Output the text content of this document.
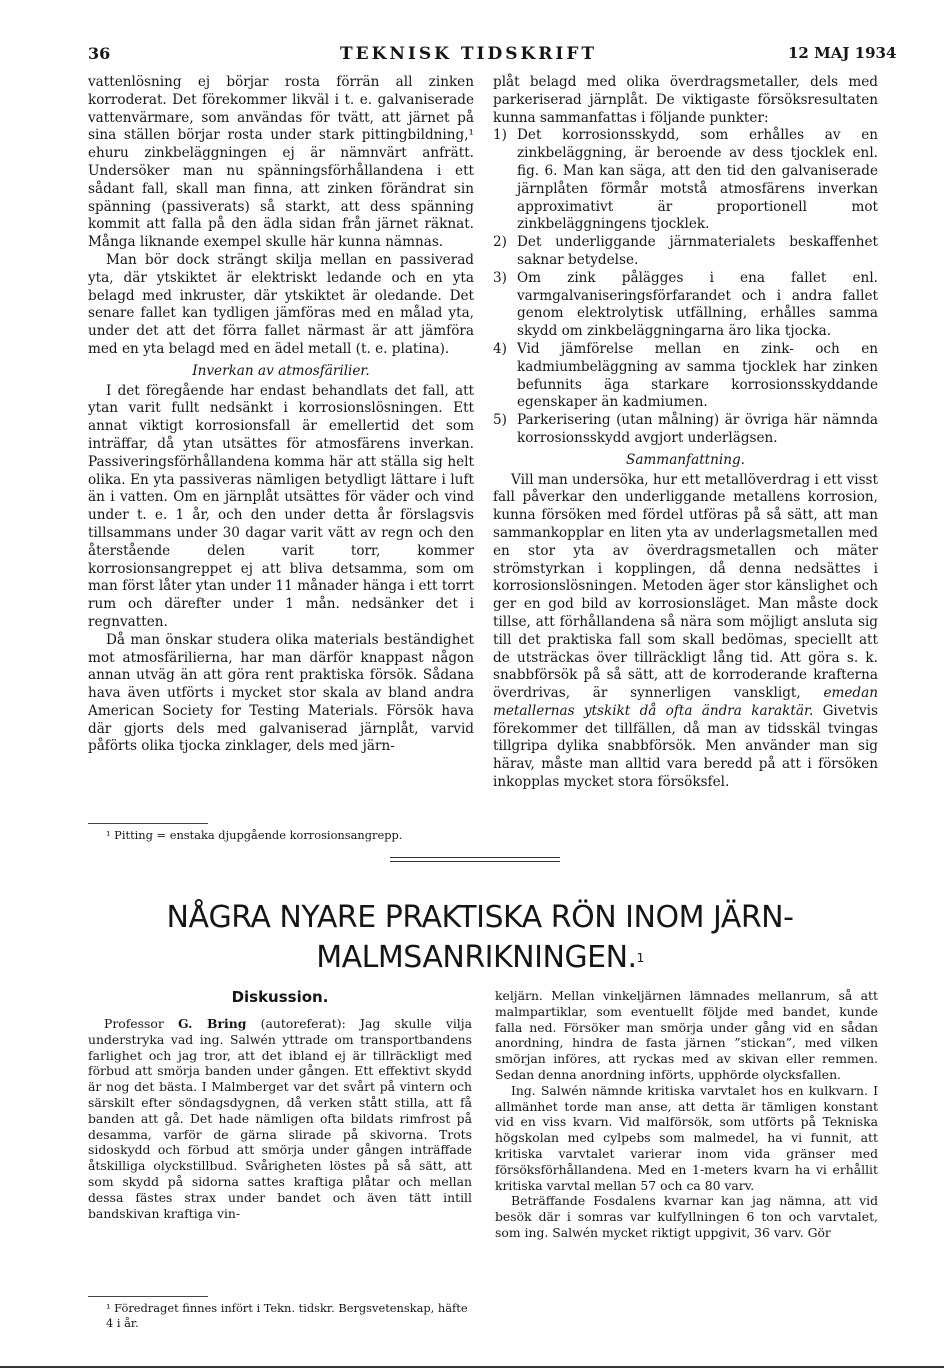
36	TEKNISK TIDSKRIFT	12 MAJ 1934

vattenlösning ej börjar rosta förrän all zinken korroderat. Det förekommer likväl i t. e. galvaniserade vattenvärmare, som användas för tvätt, att järnet på sina ställen börjar rosta under stark pittingbildning,¹ ehuru zinkbeläggningen ej är nämnvärt anfrätt. Undersöker man nu spänningsförhållandena i ett sådant fall, skall man finna, att zinken förändrat sin spänning (passiverats) så starkt, att dess spänning kommit att falla på den ädla sidan från järnet räknat. Många liknande exempel skulle här kunna nämnas.

Man bör dock strängt skilja mellan en passiverad yta, där ytskiktet är elektriskt ledande och en yta belagd med inkruster, där ytskiktet är oledande. Det senare fallet kan tydligen jämföras med en målad yta, under det att det förra fallet närmast är att jämföra med en yta belagd med en ädel metall (t. e. platina).

Inverkan av atmosfärilier.

I det föregående har endast behandlats det fall, att ytan varit fullt nedsänkt i korrosionslösningen. Ett annat viktigt korrosionsfall är emellertid det som inträffar, då ytan utsättes för atmosfärens inverkan. Passiveringsförhållandena komma här att ställa sig helt olika. En yta passiveras nämligen betydligt lättare i luft än i vatten. Om en järnplåt utsättes för väder och vind under t. e. 1 år, och den under detta år förslagsvis tillsammans under 30 dagar varit vätt av regn och den återstående delen varit torr, kommer korrosionsangreppet ej att bliva detsamma, som om man först låter ytan under 11 månader hänga i ett torrt rum och därefter under 1 mån. nedsänker det i regnvatten.

Då man önskar studera olika materials beständighet mot atmosfärilierna, har man därför knappast någon annan utväg än att göra rent praktiska försök. Sådana hava även utförts i mycket stor skala av bland andra American Society for Testing Materials. Försök hava där gjorts dels med galvaniserad järnplåt, varvid påförts olika tjocka zinklager, dels med järn-

¹ Pitting = enstaka djupgående korrosionsangrepp.

plåt belagd med olika överdragsmetaller, dels med parkeriserad järnplåt. De viktigaste försöksresultaten kunna sammanfattas i följande punkter:

1) Det korrosionsskydd, som erhålles av en zinkbeläggning, är beroende av dess tjocklek enl. fig. 6. Man kan säga, att den tid den galvaniserade järnplåten förmår motstå atmosfärens inverkan approximativt är proportionell mot zinkbeläggningens tjocklek.
2) Det underliggande järnmaterialets beskaffenhet saknar betydelse.
3) Om zink pålägges i ena fallet enl. varmgalvaniseringsförfarandet och i andra fallet genom elektrolytisk utfällning, erhålles samma skydd om zinkbeläggningarna äro lika tjocka.
4) Vid jämförelse mellan en zink- och en kadmiumbeläggning av samma tjocklek har zinken befunnits äga starkare korrosionsskyddande egenskaper än kadmiumen.
5) Parkerisering (utan målning) är övriga här nämnda korrosionsskydd avgjort underlägsen.

Sammanfattning.

Vill man undersöka, hur ett metallöverdrag i ett visst fall påverkar den underliggande metallens korrosion, kunna försöken med fördel utföras på så sätt, att man sammankopplar en liten yta av underlagsmetallen med en stor yta av överdragsmetallen och mäter strömstyrkan i kopplingen, då denna nedsättes i korrosionslösningen. Metoden äger stor känslighet och ger en god bild av korrosionsläget. Man måste dock tillse, att förhållandena så nära som möjligt ansluta sig till det praktiska fall som skall bedömas, speciellt att de utsträckas över tillräckligt lång tid. Att göra s. k. snabbförsök på så sätt, att de korroderande krafterna överdrivas, är synnerligen vanskligt, emedan metallernas ytskikt då ofta ändra karaktär. Givetvis förekommer det tillfällen, då man av tidsskäl tvingas tillgripa dylika snabbförsök. Men använder man sig härav, måste man alltid vara beredd på att i försöken inkopplas mycket stora försöksfel.

NÅGRA NYARE PRAKTISKA RÖN INOM JÄRN-
MALMSANRIKNINGEN.$^1$
Diskussion.

Professor G. Bring (autoreferat): Jag skulle vilja understryka vad ing. Salwén yttrade om transportbandens farlighet och jag tror, att det ibland ej är tillräckligt med förbud att smörja banden under gången. Ett effektivt skydd är nog det bästa. I Malmberget var det svårt på vintern och särskilt efter söndagsdygnen, då verken stått stilla, att få banden att gå. Det hade nämligen ofta bildats rimfrost på desamma, varför de gärna slirade på skivorna. Trots sidoskydd och förbud att smörja under gången inträffade åtskilliga olyckstillbud. Svårigheten löstes på så sätt, att som skydd på sidorna sattes kraftiga plåtar och mellan dessa fästes strax under bandet och även tätt intill bandskivan kraftiga vin-

¹ Föredraget finnes infört i Tekn. tidskr. Bergsvetenskap, häfte 4 i år.

keljärn. Mellan vinkeljärnen lämnades mellanrum, så att malmpartiklar, som eventuellt följde med bandet, kunde falla ned. Försöker man smörja under gång vid en sådan anordning, hindra de fasta järnen ”stickan”, med vilken smörjan införes, att ryckas med av skivan eller remmen. Sedan denna anordning införts, upphörde olycksfallen.

Ing. Salwén nämnde kritiska varvtalet hos en kulkvarn. I allmänhet torde man anse, att detta är tämligen konstant vid en viss kvarn. Vid malförsök, som utförts på Tekniska högskolan med cylpebs som malmedel, ha vi funnit, att kritiska varvtalet varierar inom vida gränser med försöksförhållandena. Med en 1-meters kvarn ha vi erhållit kritiska varvtal mellan 57 och ca 80 varv.

Beträffande Fosdalens kvarnar kan jag nämna, att vid besök där i somras var kulfyllningen 6 ton och varvtalet, som ing. Salwén mycket riktigt uppgivit, 36 varv. Gör
